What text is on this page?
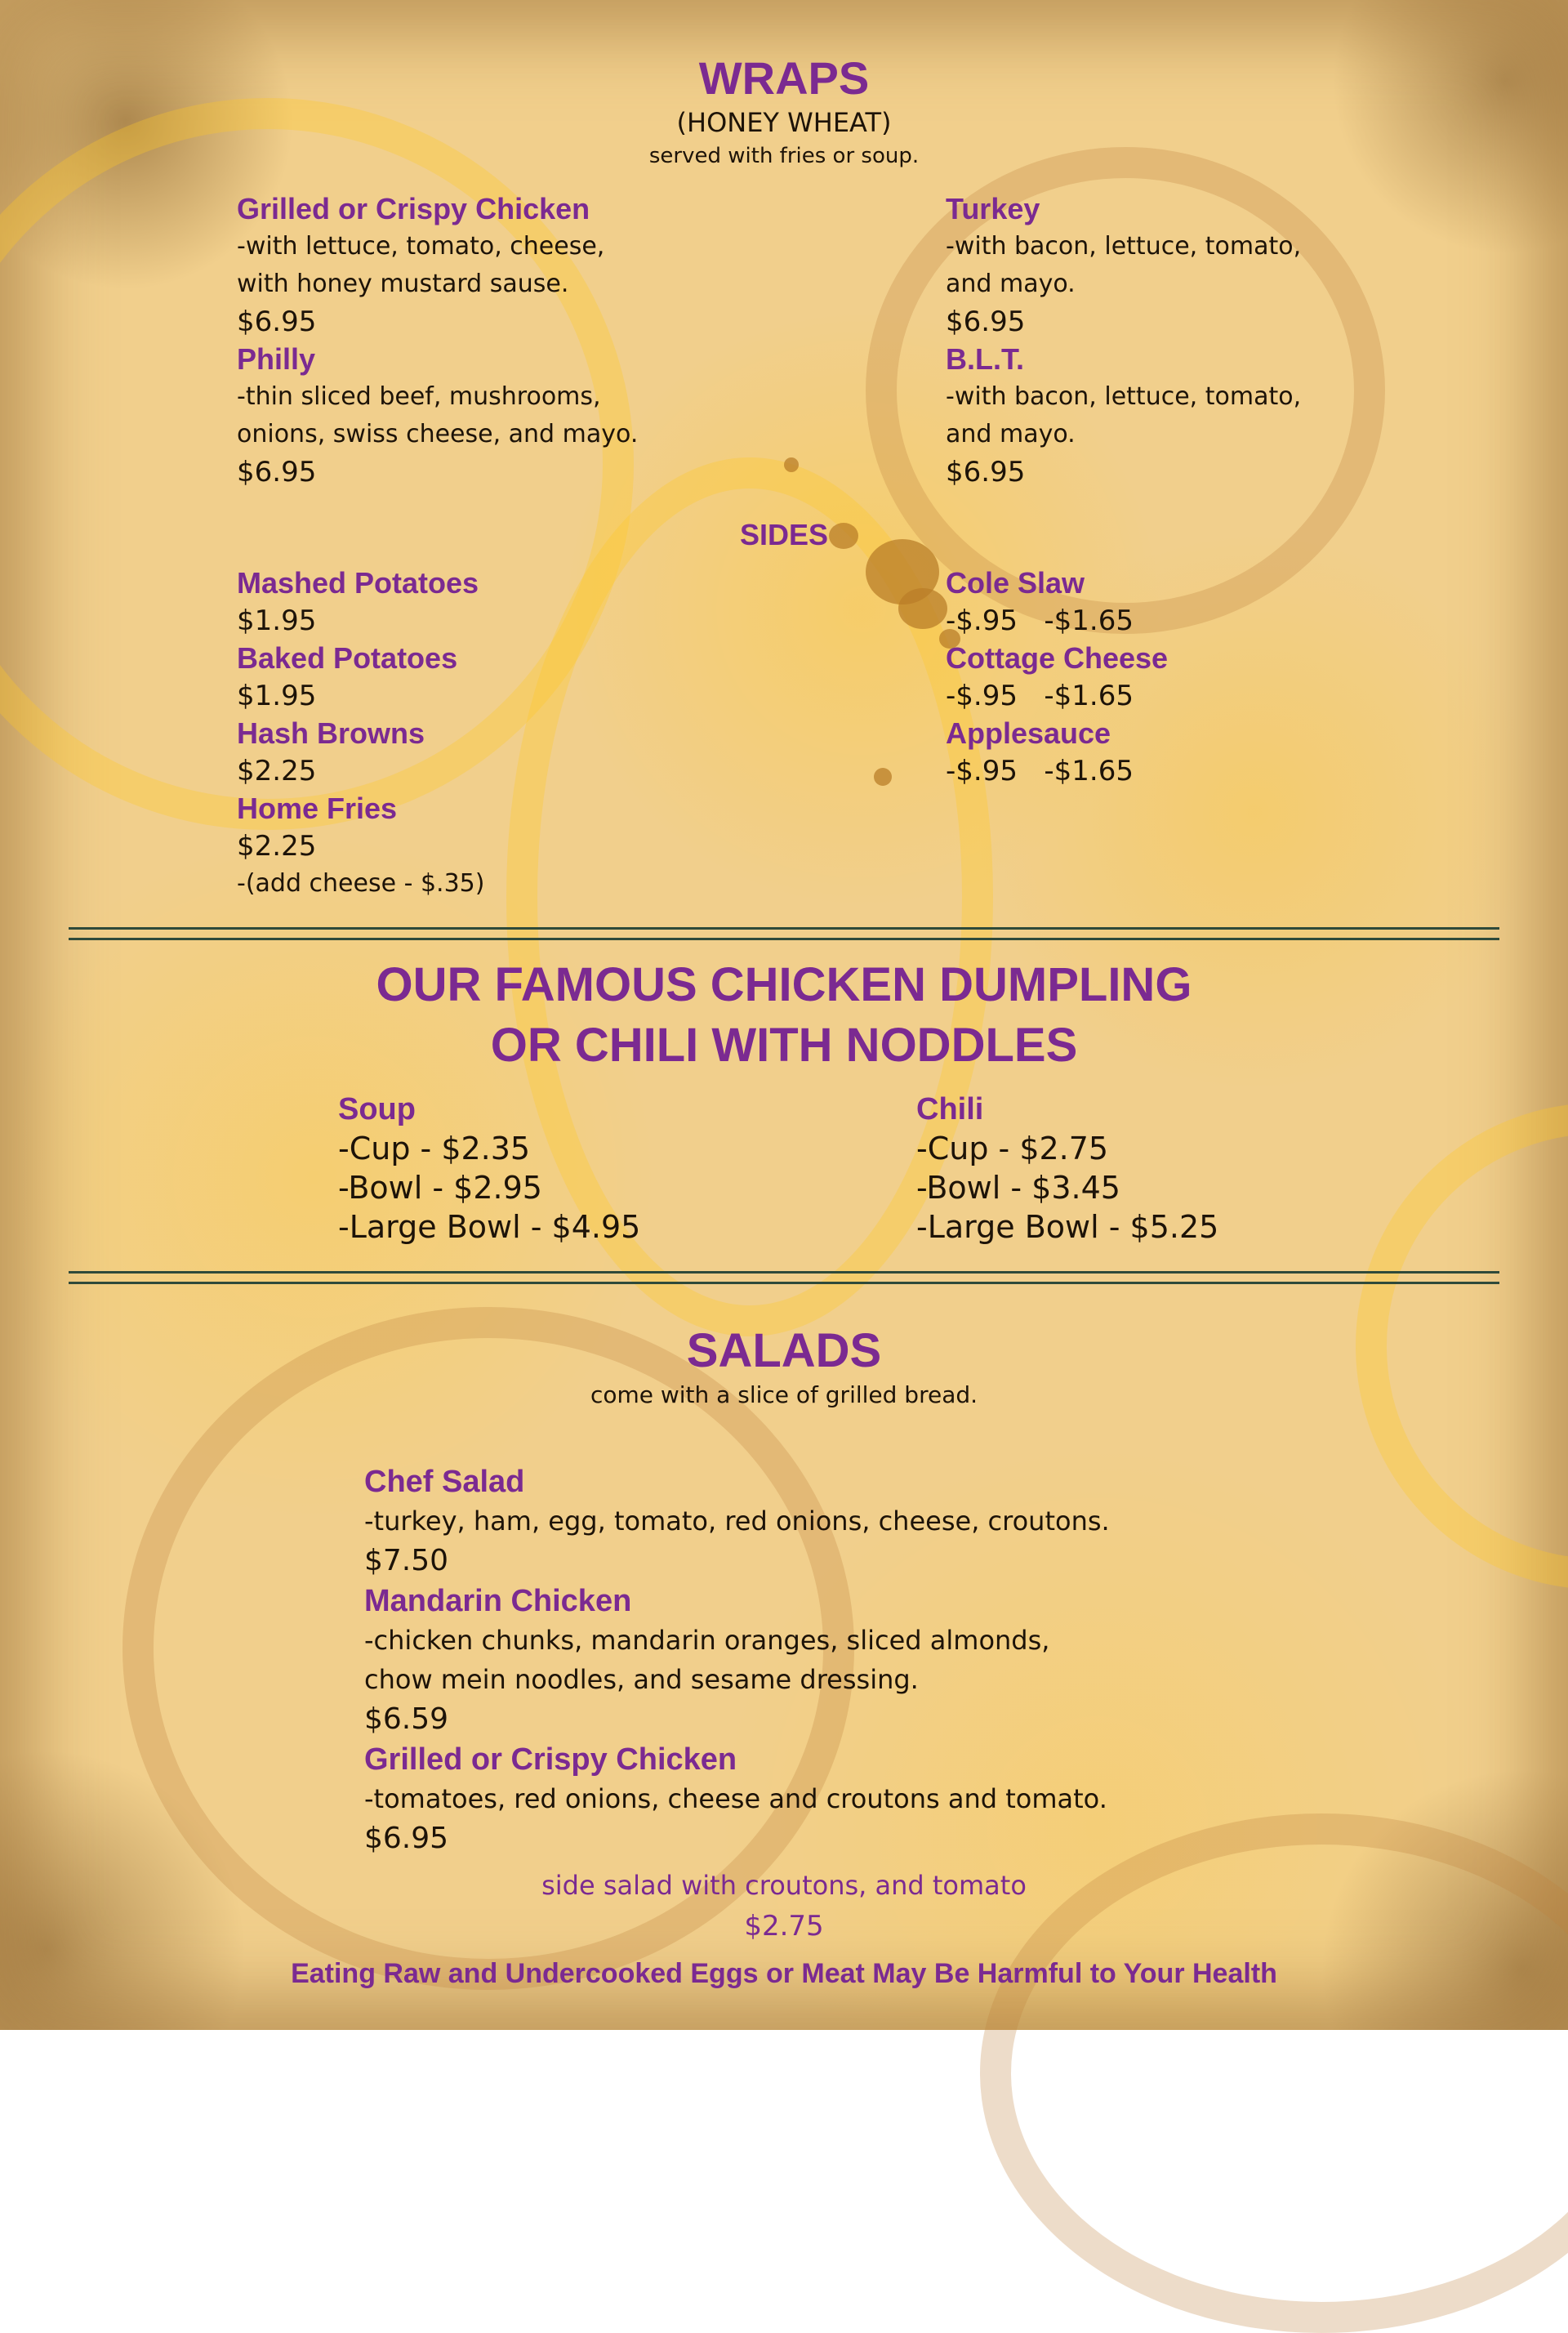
WRAPS
(HONEY WHEAT)
served with fries or soup.
Grilled or Crispy Chicken
-with lettuce, tomato, cheese,
with honey mustard sause.
$6.95
Philly
-thin sliced beef, mushrooms,
onions, swiss cheese, and mayo.
$6.95
Turkey
-with bacon, lettuce, tomato,
and mayo.
$6.95
B.L.T.
-with bacon, lettuce, tomato,
and mayo.
$6.95
SIDES
Mashed Potatoes
$1.95
Baked Potatoes
$1.95
Hash Browns
$2.25
Home Fries
$2.25
-(add cheese - $.35)
Cole Slaw
-$.95   -$1.65
Cottage Cheese
-$.95   -$1.65
Applesauce
-$.95   -$1.65
OUR FAMOUS CHICKEN DUMPLING
OR CHILI WITH NODDLES
Soup
-Cup - $2.35
-Bowl - $2.95
-Large Bowl - $4.95
Chili
-Cup - $2.75
-Bowl - $3.45
-Large Bowl - $5.25
SALADS
come with a slice of grilled bread.
Chef Salad
-turkey, ham, egg, tomato, red onions, cheese, croutons.
$7.50
Mandarin Chicken
-chicken chunks, mandarin oranges, sliced almonds,
chow mein noodles, and sesame dressing.
$6.59
Grilled or Crispy Chicken
-tomatoes, red onions, cheese and croutons and tomato.
$6.95
side salad with croutons, and tomato
$2.75
Eating Raw and Undercooked Eggs or Meat May Be Harmful to Your Health
